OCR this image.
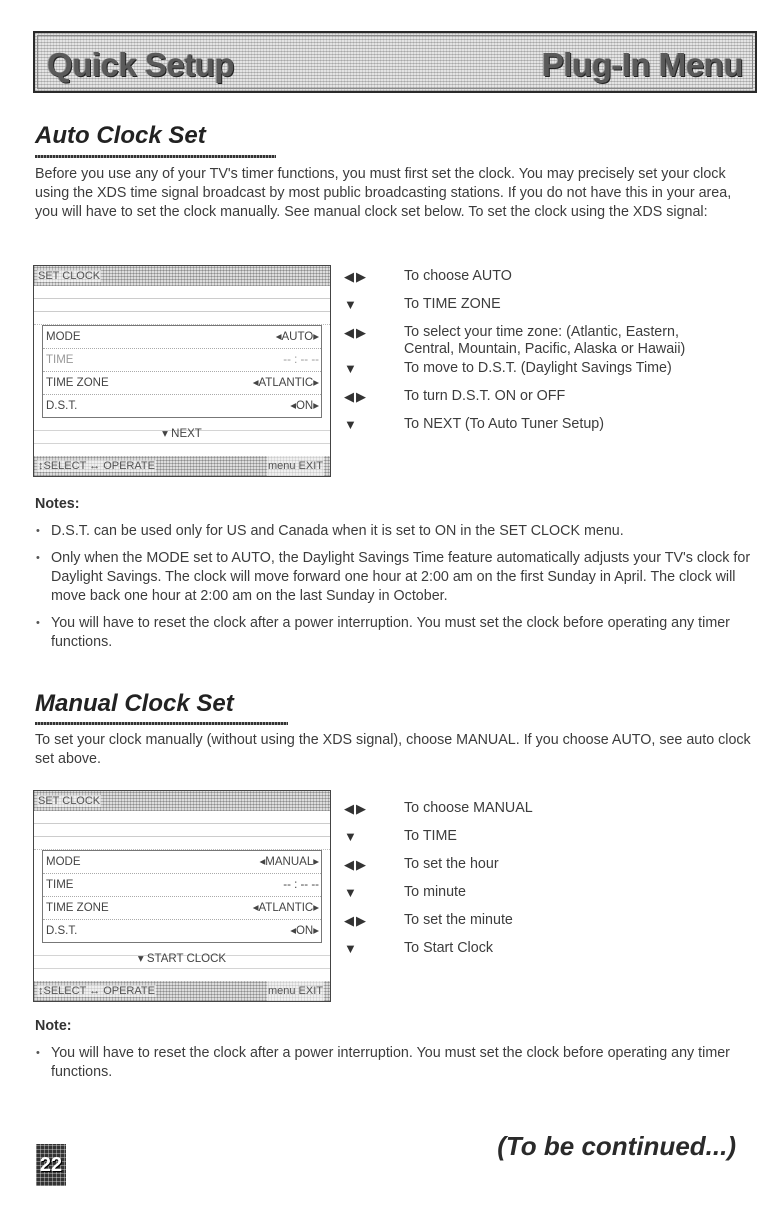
Quick Setup	Plug-In Menu
Auto Clock Set
Before you use any of your TV's timer functions, you must first set the clock. You may precisely set your clock using the XDS time signal broadcast by most public broadcasting stations. If you do not have this in your area, you will have to set the clock manually. See manual clock set below. To set the clock using the XDS signal:
SET CLOCK
MODE	◂AUTO▸
TIME	-- : -- --
TIME ZONE	◂ATLANTIC▸
D.S.T.	◂ON▸
▾ NEXT
↕SELECT ↔ OPERATE	menu EXIT
◀▶	To choose AUTO
▼	To TIME ZONE
◀▶	To select your time zone: (Atlantic, Eastern, Central, Mountain, Pacific, Alaska or Hawaii)
▼	To move to D.S.T. (Daylight Savings Time)
◀▶	To turn D.S.T. ON or OFF
▼	To NEXT (To Auto Tuner Setup)
Notes:
• D.S.T. can be used only for US and Canada when it is set to ON in the SET CLOCK menu.
• Only when the MODE set to AUTO, the Daylight Savings Time feature automatically adjusts your TV's clock for Daylight Savings. The clock will move forward one hour at 2:00 am on the first Sunday in April. The clock will move back one hour at 2:00 am on the last Sunday in October.
• You will have to reset the clock after a power interruption. You must set the clock before operating any timer functions.
Manual Clock Set
To set your clock manually (without using the XDS signal), choose MANUAL. If you choose AUTO, see auto clock set above.
SET CLOCK
MODE	◂MANUAL▸
TIME	-- : -- --
TIME ZONE	◂ATLANTIC▸
D.S.T.	◂ON▸
▾ START CLOCK
↕SELECT ↔ OPERATE	menu EXIT
◀▶	To choose MANUAL
▼	To TIME
◀▶	To set the hour
▼	To minute
◀▶	To set the minute
▼	To Start Clock
Note:
• You will have to reset the clock after a power interruption. You must set the clock before operating any timer functions.
(To be continued...)
22
